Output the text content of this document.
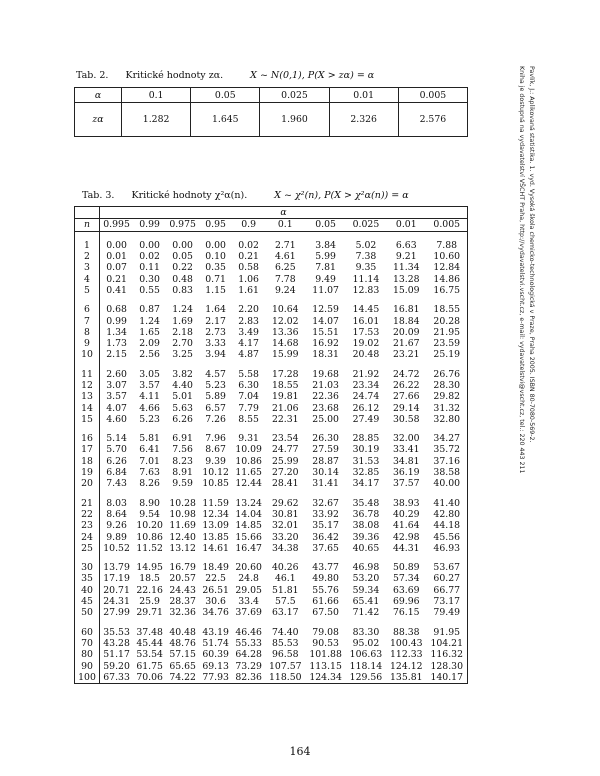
Tab. 2. Kritické hodnoty zα.	X ~ N(0,1), P(X > zα) = α
α	0.1	0.05	0.025	0.01	0.005
zα	1.282	1.645	1.960	2.326	2.576
Tab. 3. Kritické hodnoty χ²α(n).	X ~ χ²(n), P(X > χ²α(n)) = α
	α									
n	0.995	0.99	0.975	0.95	0.9	0.1	0.05	0.025	0.01	0.005

1	0.00	0.00	0.00	0.00	0.02	2.71	3.84	5.02	6.63	7.88
2	0.01	0.02	0.05	0.10	0.21	4.61	5.99	7.38	9.21	10.60
3	0.07	0.11	0.22	0.35	0.58	6.25	7.81	9.35	11.34	12.84
4	0.21	0.30	0.48	0.71	1.06	7.78	9.49	11.14	13.28	14.86
5	0.41	0.55	0.83	1.15	1.61	9.24	11.07	12.83	15.09	16.75

6	0.68	0.87	1.24	1.64	2.20	10.64	12.59	14.45	16.81	18.55
7	0.99	1.24	1.69	2.17	2.83	12.02	14.07	16.01	18.84	20.28
8	1.34	1.65	2.18	2.73	3.49	13.36	15.51	17.53	20.09	21.95
9	1.73	2.09	2.70	3.33	4.17	14.68	16.92	19.02	21.67	23.59
10	2.15	2.56	3.25	3.94	4.87	15.99	18.31	20.48	23.21	25.19

11	2.60	3.05	3.82	4.57	5.58	17.28	19.68	21.92	24.72	26.76
12	3.07	3.57	4.40	5.23	6.30	18.55	21.03	23.34	26.22	28.30
13	3.57	4.11	5.01	5.89	7.04	19.81	22.36	24.74	27.66	29.82
14	4.07	4.66	5.63	6.57	7.79	21.06	23.68	26.12	29.14	31.32
15	4.60	5.23	6.26	7.26	8.55	22.31	25.00	27.49	30.58	32.80

16	5.14	5.81	6.91	7.96	9.31	23.54	26.30	28.85	32.00	34.27
17	5.70	6.41	7.56	8.67	10.09	24.77	27.59	30.19	33.41	35.72
18	6.26	7.01	8.23	9.39	10.86	25.99	28.87	31.53	34.81	37.16
19	6.84	7.63	8.91	10.12	11.65	27.20	30.14	32.85	36.19	38.58
20	7.43	8.26	9.59	10.85	12.44	28.41	31.41	34.17	37.57	40.00

21	8.03	8.90	10.28	11.59	13.24	29.62	32.67	35.48	38.93	41.40
22	8.64	9.54	10.98	12.34	14.04	30.81	33.92	36.78	40.29	42.80
23	9.26	10.20	11.69	13.09	14.85	32.01	35.17	38.08	41.64	44.18
24	9.89	10.86	12.40	13.85	15.66	33.20	36.42	39.36	42.98	45.56
25	10.52	11.52	13.12	14.61	16.47	34.38	37.65	40.65	44.31	46.93

30	13.79	14.95	16.79	18.49	20.60	40.26	43.77	46.98	50.89	53.67
35	17.19	18.5	20.57	22.5	24.8	46.1	49.80	53.20	57.34	60.27
40	20.71	22.16	24.43	26.51	29.05	51.81	55.76	59.34	63.69	66.77
45	24.31	25.9	28.37	30.6	33.4	57.5	61.66	65.41	69.96	73.17
50	27.99	29.71	32.36	34.76	37.69	63.17	67.50	71.42	76.15	79.49

60	35.53	37.48	40.48	43.19	46.46	74.40	79.08	83.30	88.38	91.95
70	43.28	45.44	48.76	51.74	55.33	85.53	90.53	95.02	100.43	104.21
80	51.17	53.54	57.15	60.39	64.28	96.58	101.88	106.63	112.33	116.32
90	59.20	61.75	65.65	69.13	73.29	107.57	113.15	118.14	124.12	128.30
100	67.33	70.06	74.22	77.93	82.36	118.50	124.34	129.56	135.81	140.17
Pavlík, J.: Aplikovaná statistika. 1. vyd. Vysoká škola chemicko-technologická v Praze, Praha 2005. ISBN 80-7080-569-2.
Kniha je dostupná na vydavatelství VŠCHT Praha, http://vydavatelstvi.vscht.cz, e-mail: vydavatelstvi@vscht.cz, tel.: 220 443 211
164
